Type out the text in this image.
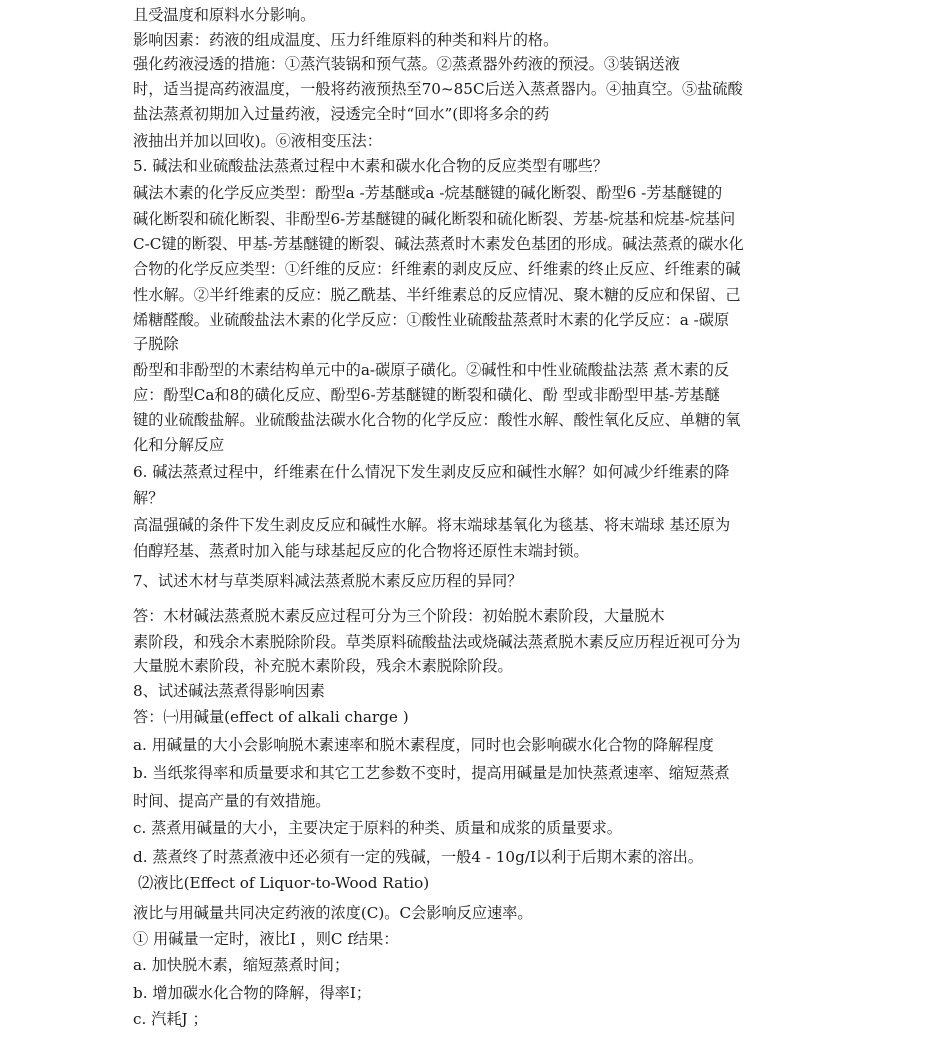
且受温度和原料水分影响。
影响因素：药液的组成温度、压力纤维原料的种类和料片的格。
强化药液浸透的措施：①蒸汽装锅和预气蒸。②蒸煮器外药液的预浸。③装锅送液
时，适当提高药液温度，一般将药液预热至70~85C后送入蒸煮器内。④抽真空。⑤盐硫酸
盐法蒸煮初期加入过量药液，浸透完全时“回水”(即将多余的药
液抽出并加以回收)。⑥液相变压法：
5. 碱法和业硫酸盐法蒸煮过程中木素和碳水化合物的反应类型有哪些？
碱法木素的化学反应类型：酚型a -芳基醚或a -烷基醚键的碱化断裂、酚型6 -芳基醚键的
碱化断裂和硫化断裂、非酚型6-芳基醚键的碱化断裂和硫化断裂、芳基-烷基和烷基-烷基问
C-C键的断裂、甲基-芳基醚键的断裂、碱法蒸煮时木素发色基团的形成。碱法蒸煮的碳水化
合物的化学反应类型：①纤维的反应：纤维素的剥皮反应、纤维素的终止反应、纤维素的碱
性水解。②半纤维素的反应：脱乙酰基、半纤维素总的反应情况、聚木糖的反应和保留、己
烯糖醛酸。业硫酸盐法木素的化学反应：①酸性业硫酸盐蒸煮时木素的化学反应：a -碳原
子脱除
酚型和非酚型的木素结构单元中的a-碳原子磺化。②碱性和中性业硫酸盐法蒸 煮木素的反
应：酚型Ca和8的磺化反应、酚型6-芳基醚键的断裂和磺化、酚 型或非酚型甲基-芳基醚
键的业硫酸盐解。业硫酸盐法碳水化合物的化学反应：酸性水解、酸性氧化反应、单糖的氧
化和分解反应
6. 碱法蒸煮过程中，纤维素在什么情况下发生剥皮反应和碱性水解？如何减少纤维素的降
解？
高温强碱的条件下发生剥皮反应和碱性水解。将末端球基氧化为毯基、将末端球 基还原为
伯醇羟基、蒸煮时加入能与球基起反应的化合物将还原性末端封锁。
7、试述木材与草类原料减法蒸煮脱木素反应历程的异同？
答：木材碱法蒸煮脱木素反应过程可分为三个阶段：初始脱木素阶段，大量脱木
素阶段，和残余木素脱除阶段。草类原料硫酸盐法或烧碱法蒸煮脱木素反应历程近视可分为
大量脱木素阶段，补充脱木素阶段，残余木素脱除阶段。
8、试述碱法蒸煮得影响因素
答：㈠用碱量(effect of alkali charge )
a. 用碱量的大小会影响脱木素速率和脱木素程度，同时也会影响碳水化合物的降解程度
b. 当纸浆得率和质量要求和其它工艺参数不变时，提高用碱量是加快蒸煮速率、缩短蒸煮
时间、提高产量的有效措施。
c. 蒸煮用碱量的大小，主要决定于原料的种类、质量和成浆的质量要求。
d. 蒸煮终了时蒸煮液中还必须有一定的残碱，一般4 - 10g/I以利于后期木素的溶出。
⑵液比(Effect of Liquor-to-Wood Ratio)
液比与用碱量共同决定药液的浓度(C)。C会影响反应速率。
① 用碱量一定时，液比I ，则C f结果：
a. 加快脱木素，缩短蒸煮时间；
b. 增加碳水化合物的降解，得率I；
c. 汽耗J ；
